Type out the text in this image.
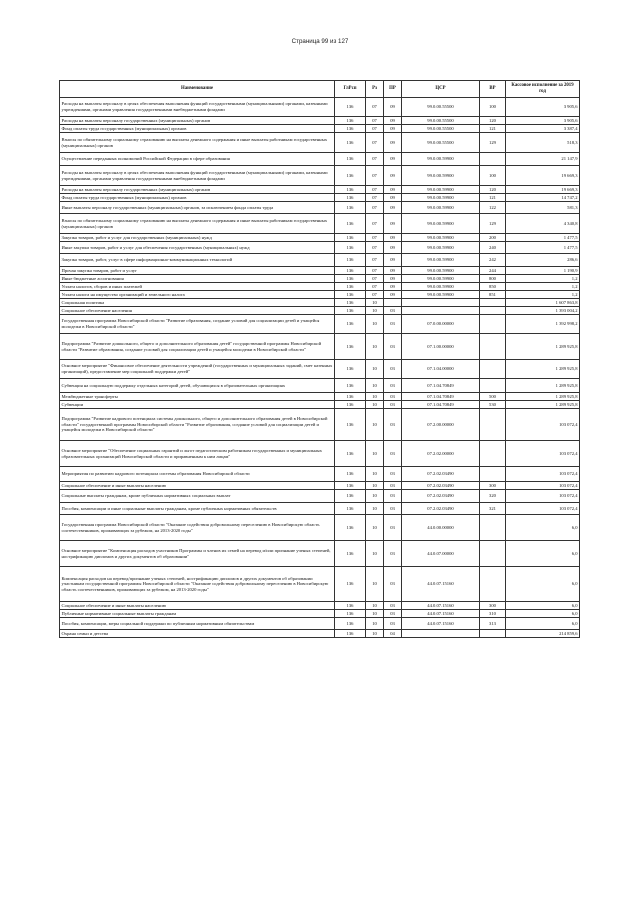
Страница 99 из 127
Наименование	ГлРсп	Рз	ПР	ЦСР	ВР	Кассовое исполнение за 2019 год
Расходы на выплаты персоналу в целях обеспечения выполнения функций государственными (муниципальными) органами, казенными учреждениями, органами управления государственными внебюджетными фондами	136	07	09	99.0.00.55500	100	3 905,6
Расходы на выплаты персоналу государственных (муниципальных) органов	136	07	09	99.0.00.55500	120	3 905,6
Фонд оплаты труда государственных (муниципальных) органов	136	07	09	99.0.00.55500	121	3 387,4
Взносы по обязательному социальному страхованию на выплаты денежного содержания и иные выплаты работникам государственных (муниципальных) органов	136	07	09	99.0.00.55500	129	518,3
Осуществление переданных полномочий Российской Федерации в сфере образования	136	07	09	99.0.00.59900		21 147,9
Расходы на выплаты персоналу в целях обеспечения выполнения функций государственными (муниципальными) органами, казенными учреждениями, органами управления государственными внебюджетными фондами	136	07	09	99.0.00.59900	100	19 669,3
Расходы на выплаты персоналу государственных (муниципальных) органов	136	07	09	99.0.00.59900	120	19 669,3
Фонд оплаты труда государственных (муниципальных) органов	136	07	09	99.0.00.59900	121	14 747,2
Иные выплаты персоналу государственных (муниципальных) органов, за исключением фонда оплаты труда	136	07	09	99.0.00.59900	122	581,3
Взносы по обязательному социальному страхованию на выплаты денежного содержания и иные выплаты работникам государственных (муниципальных) органов	136	07	09	99.0.00.59900	129	4 340,8
Закупка товаров, работ и услуг для государственных (муниципальных) нужд	136	07	09	99.0.00.59900	200	1 477,5
Иные закупки товаров, работ и услуг для обеспечения государственных (муниципальных) нужд	136	07	09	99.0.00.59900	240	1 477,5
Закупка товаров, работ, услуг в сфере информационно-коммуникационных технологий	136	07	09	99.0.00.59900	242	286,6
Прочая закупка товаров, работ и услуг	136	07	09	99.0.00.59900	244	1 190,9
Иные бюджетные ассигнования	136	07	09	99.0.00.59900	800	1,2
Уплата налогов, сборов и иных платежей	136	07	09	99.0.00.59900	850	1,2
Уплата налога на имущество организаций и земельного налога	136	07	09	99.0.00.59900	851	1,2
Социальная политика	136	10				1 607 863,8
Социальное обеспечение населения	136	10	03			1 393 004,2
Государственная программа Новосибирской области "Развитие образования, создание условий для социализации детей и учащейся молодежи в Новосибирской области"	136	10	03	07.0.00.00000		1 392 998,2
Подпрограмма "Развитие дошкольного, общего и дополнительного образования детей" государственной программы Новосибирской области "Развитие образования, создание условий для социализации детей и учащейся молодежи в Новосибирской области"	136	10	03	07.1.00.00000		1 289 925,8
Основное мероприятие "Финансовое обеспечение деятельности учреждений (государственных и муниципальных заданий, смет казенных организаций), предоставление мер социальной поддержки детей"	136	10	03	07.1.04.00000		1 289 925,8
Субвенция на социальную поддержку отдельных категорий детей, обучающихся в образовательных организациях	136	10	03	07.1.04.70849		1 289 925,8
Межбюджетные трансферты	136	10	03	07.1.04.70849	500	1 289 925,8
Субвенции	136	10	03	07.1.04.70849	530	1 289 925,8
Подпрограмма "Развитие кадрового потенциала системы дошкольного, общего и дополнительного образования детей в Новосибирской области" государственной программы Новосибирской области "Развитие образования, создание условий для социализации детей и учащейся молодежи в Новосибирской области"	136	10	03	07.2.00.00000		103 072,4
Основное мероприятие "Обеспечение социальных гарантий и льгот педагогическим работникам государственных и муниципальных образовательных организаций Новосибирской области и приравненным к ним лицам"	136	10	03	07.2.02.00000		103 072,4
Мероприятия по развитию кадрового потенциала системы образования Новосибирской области	136	10	03	07.2.02.03490		103 072,4
Социальное обеспечение и иные выплаты населению	136	10	03	07.2.02.03490	300	103 072,4
Социальные выплаты гражданам, кроме публичных нормативных социальных выплат	136	10	03	07.2.02.03490	320	103 072,4
Пособия, компенсации и иные социальные выплаты гражданам, кроме публичных нормативных обязательств	136	10	03	07.2.02.03490	321	103 072,4
Государственная программа Новосибирской области "Оказание содействия добровольному переселению в Новосибирскую область соотечественников, проживающих за рубежом, на 2013-2020 годы"	136	10	03	44.0.00.00000		6,0
Основное мероприятие "Компенсация расходов участников Программы и членов их семей на перевод и/или признание ученых степеней, нострификацию дипломов и других документов об образовании"	136	10	03	44.0.07.00000		6,0
Компенсация расходов на перевод/признание ученых степеней, нострификацию дипломов и других документов об образовании участникам государственной программы Новосибирской области "Оказание содействия добровольному переселению в Новосибирскую область соотечественников, проживающих за рубежом, на 2013-2020 годы"	136	10	03	44.0.07.15160		6,0
Социальное обеспечение и иные выплаты населению	136	10	03	44.0.07.15160	300	6,0
Публичные нормативные социальные выплаты гражданам	136	10	03	44.0.07.15160	310	6,0
Пособия, компенсации, меры социальной поддержки по публичным нормативным обязательствам	136	10	03	44.0.07.15160	313	6,0
Охрана семьи и детства	136	10	04			214 859,6
